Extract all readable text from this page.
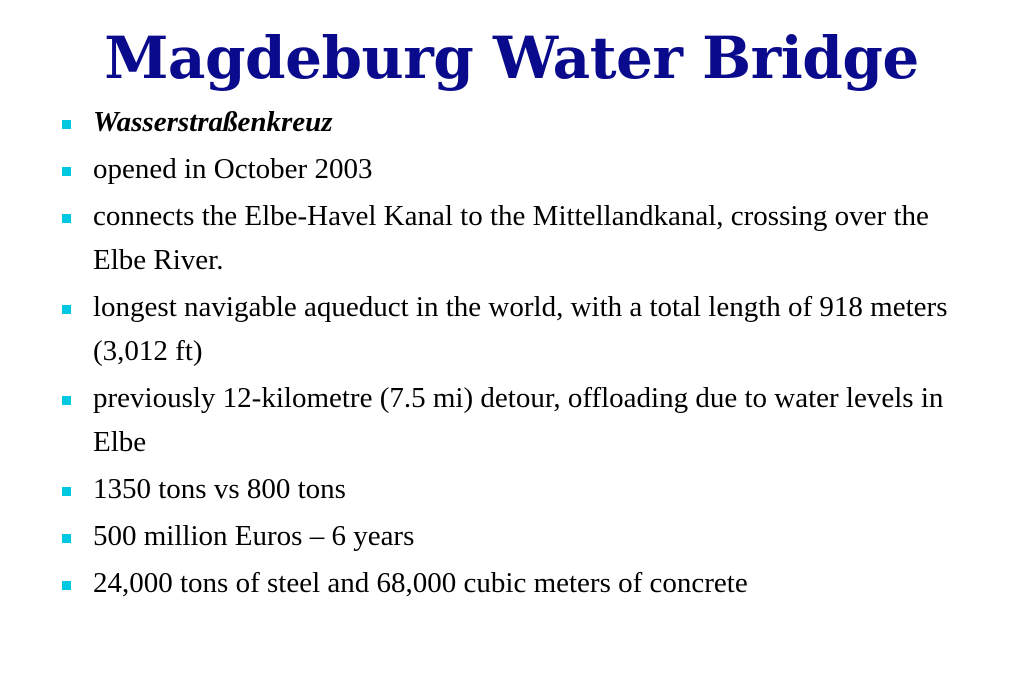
Magdeburg Water Bridge
Wasserstraßenkreuz
opened in October 2003
connects the Elbe-Havel Kanal to the Mittellandkanal, crossing over the Elbe River.
longest navigable aqueduct in the world, with a total length of 918 meters (3,012 ft)
previously 12-kilometre (7.5 mi) detour, offloading due to water levels in Elbe
1350 tons vs 800 tons
500 million Euros – 6 years
24,000 tons of steel and 68,000 cubic meters of concrete
